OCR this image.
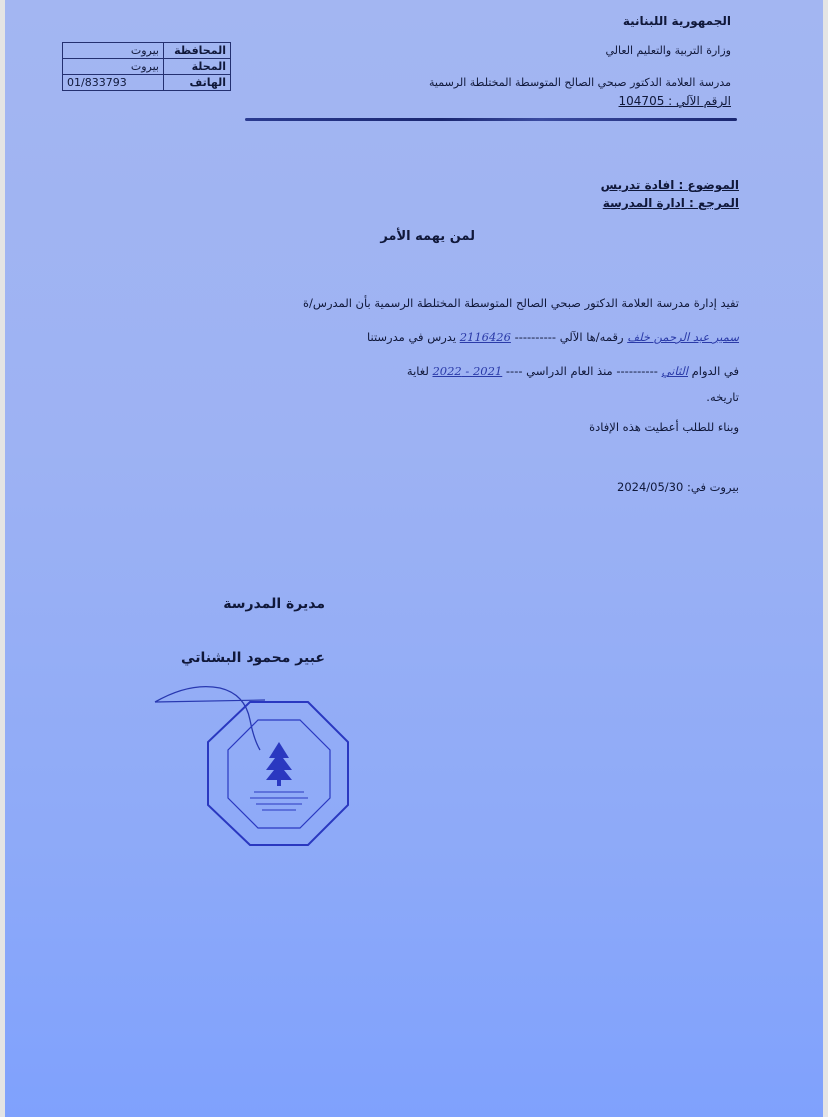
الجمهورية اللبنانية
وزارة التربية والتعليم العالي
مدرسة العلامة الدكتور صبحي الصالح المتوسطة المختلطة الرسمية
الرقم الآلي : 104705
المحافظة	بيروت
المحلة	بيروت
الهاتف	01/833793
الموضوع : افادة تدريس
المرجع : ادارة المدرسة
لمن يهمه الأمر
تفيد إدارة مدرسة العلامة الدكتور صبحي الصالح المتوسطة المختلطة الرسمية بأن المدرس/ة
سمير عبد الرحمن خلف رقمه/ها الآلي ---------- 2116426 يدرس في مدرستنا
في الدوام الثاني ---------- منذ العام الدراسي ---- 2021 - 2022 لغاية
تاريخه.
وبناء للطلب أعطيت هذه الإفادة
بيروت في: 2024/05/30
مديرة المدرسة
عبير محمود البشناتي
